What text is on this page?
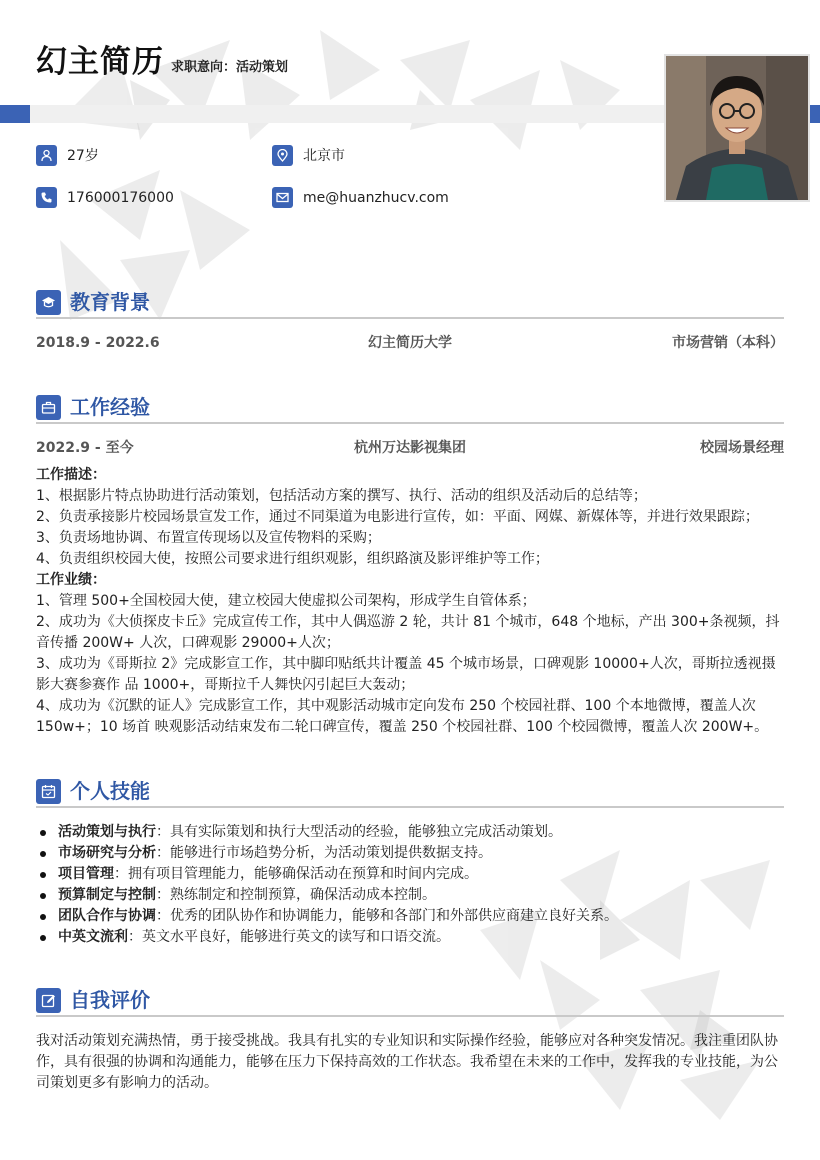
幻主简历 求职意向：活动策划
27岁	北京市
176000176000	me@huanzhucv.com
教育背景
2018.9 - 2022.6	幻主简历大学	市场营销（本科）
工作经验
2022.9 - 至今	杭州万达影视集团	校园场景经理

工作描述：

1、根据影片特点协助进行活动策划，包括活动方案的撰写、执行、活动的组织及活动后的总结等；

2、负责承接影片校园场景宣发工作，通过不同渠道为电影进行宣传，如：平面、网媒、新媒体等，并进行效果跟踪；

3、负责场地协调、布置宣传现场以及宣传物料的采购；

4、负责组织校园大使，按照公司要求进行组织观影，组织路演及影评维护等工作；

工作业绩：

1、管理 500+全国校园大使，建立校园大使虚拟公司架构，形成学生自管体系；

2、成功为《大侦探皮卡丘》完成宣传工作，其中人偶巡游 2 轮，共计 81 个城市，648 个地标，产出 300+条视频，抖音传播 200W+ 人次，口碑观影 29000+人次；

3、成功为《哥斯拉 2》完成影宣工作，其中脚印贴纸共计覆盖 45 个城市场景，口碑观影 10000+人次，哥斯拉透视摄影大赛参赛作 品 1000+，哥斯拉千人舞快闪引起巨大轰动；

4、成功为《沉默的证人》完成影宣工作，其中观影活动城市定向发布 250 个校园社群、100 个本地微博，覆盖人次 150w+；10 场首 映观影活动结束发布二轮口碑宣传，覆盖 250 个校园社群、100 个校园微博，覆盖人次 200W+。

个人技能
活动策划与执行：具有实际策划和执行大型活动的经验，能够独立完成活动策划。
市场研究与分析：能够进行市场趋势分析，为活动策划提供数据支持。
项目管理：拥有项目管理能力，能够确保活动在预算和时间内完成。
预算制定与控制：熟练制定和控制预算，确保活动成本控制。
团队合作与协调：优秀的团队协作和协调能力，能够和各部门和外部供应商建立良好关系。
中英文流利：英文水平良好，能够进行英文的读写和口语交流。
自我评价
我对活动策划充满热情，勇于接受挑战。我具有扎实的专业知识和实际操作经验，能够应对各种突发情况。我注重团队协作，具有很强的协调和沟通能力，能够在压力下保持高效的工作状态。我希望在未来的工作中，发挥我的专业技能，为公司策划更多有影响力的活动。
